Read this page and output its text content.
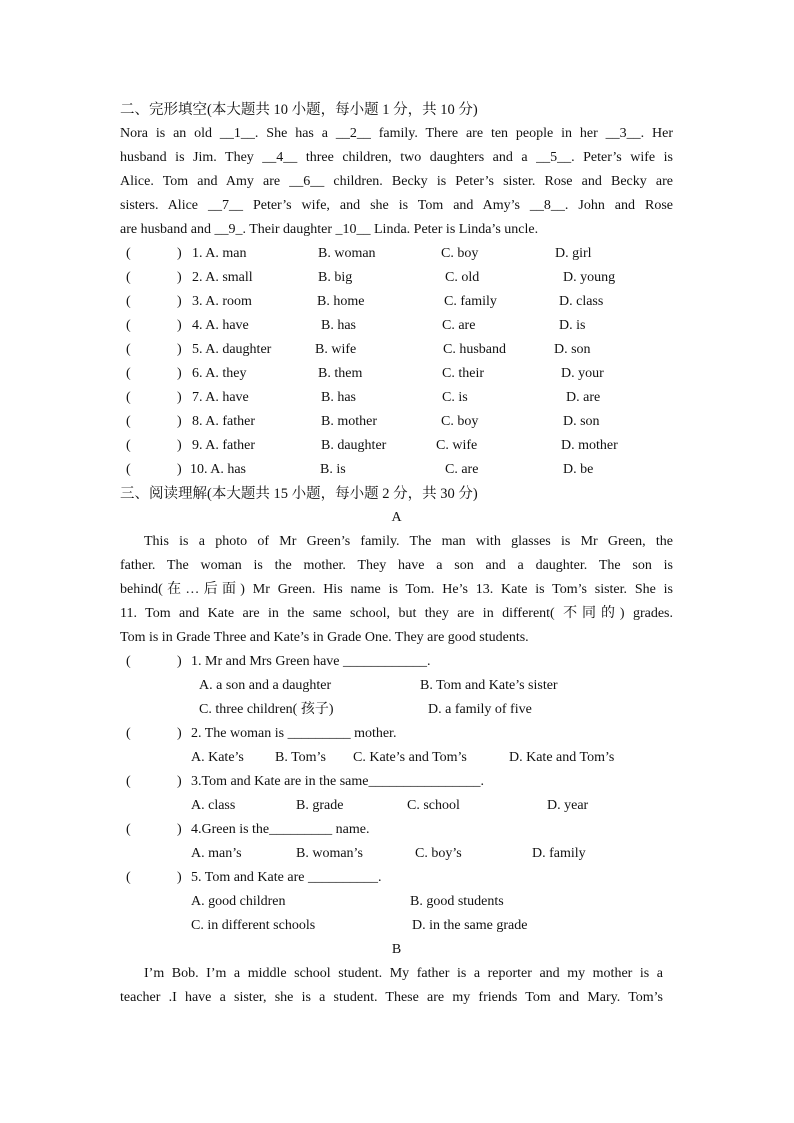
二、完形填空(本大题共 10 小题，每小题 1 分，共 10 分)
Nora is an old __1__. She has a __2__ family. There are ten people in her __3__. Her
husband is Jim. They __4__ three children, two daughters and a __5__. Peter’s wife is
Alice. Tom and Amy are __6__ children. Becky is Peter’s sister. Rose and Becky are
sisters. Alice __7__ Peter’s wife, and she is Tom and Amy’s __8__. John and Rose
are husband and __9_. Their daughter _10__ Linda. Peter is Linda’s uncle.
(	) 1. A. man	B. woman	C. boy	D. girl
(	) 2. A. small	B. big	C. old	D. young
(	) 3. A. room	B. home	C. family	D. class
(	) 4. A. have	B. has	C. are	D. is
(	) 5. A. daughter	B. wife	C. husband	D. son
(	) 6. A. they	B. them	C. their	D. your
(	) 7. A. have	B. has	C. is	D. are
(	) 8. A. father	B. mother	C. boy	D. son
(	) 9. A. father	B. daughter	C. wife	D. mother
(	) 10. A. has	B. is	C. are	D. be
三、阅读理解(本大题共 15 小题，每小题 2 分，共 30 分)
A
This is a photo of Mr Green’s family. The man with glasses is Mr Green, the
father. The woman is the mother. They have a son and a daughter. The son is
behind(在…后面) Mr Green. His name is Tom. He’s 13. Kate is Tom’s sister. She is
11. Tom and Kate are in the same school, but they are in different( 不同的) grades.
Tom is in Grade Three and Kate’s in Grade One. They are good students.
(	) 1. Mr and Mrs Green have ____________.
A. a son and a daughter	B. Tom and Kate’s sister
C. three children( 孩子)	D. a family of five
(	) 2. The woman is _________ mother.
A. Kate’s B. Tom’s C. Kate’s and Tom’s	D. Kate and Tom’s
(	) 3.Tom and Kate are in the same________________.
A. class	B. grade	C. school	D. year
(	) 4.Green is the_________ name.
A. man’s	B. woman’s	C. boy’s	D. family
(	) 5. Tom and Kate are __________.
A. good children	B. good students
C. in different schools	D. in the same grade
B
I’m Bob. I’m a middle school student. My father is a reporter and my mother is a
teacher .I have a sister, she is a student. These are my friends Tom and Mary. Tom’s
